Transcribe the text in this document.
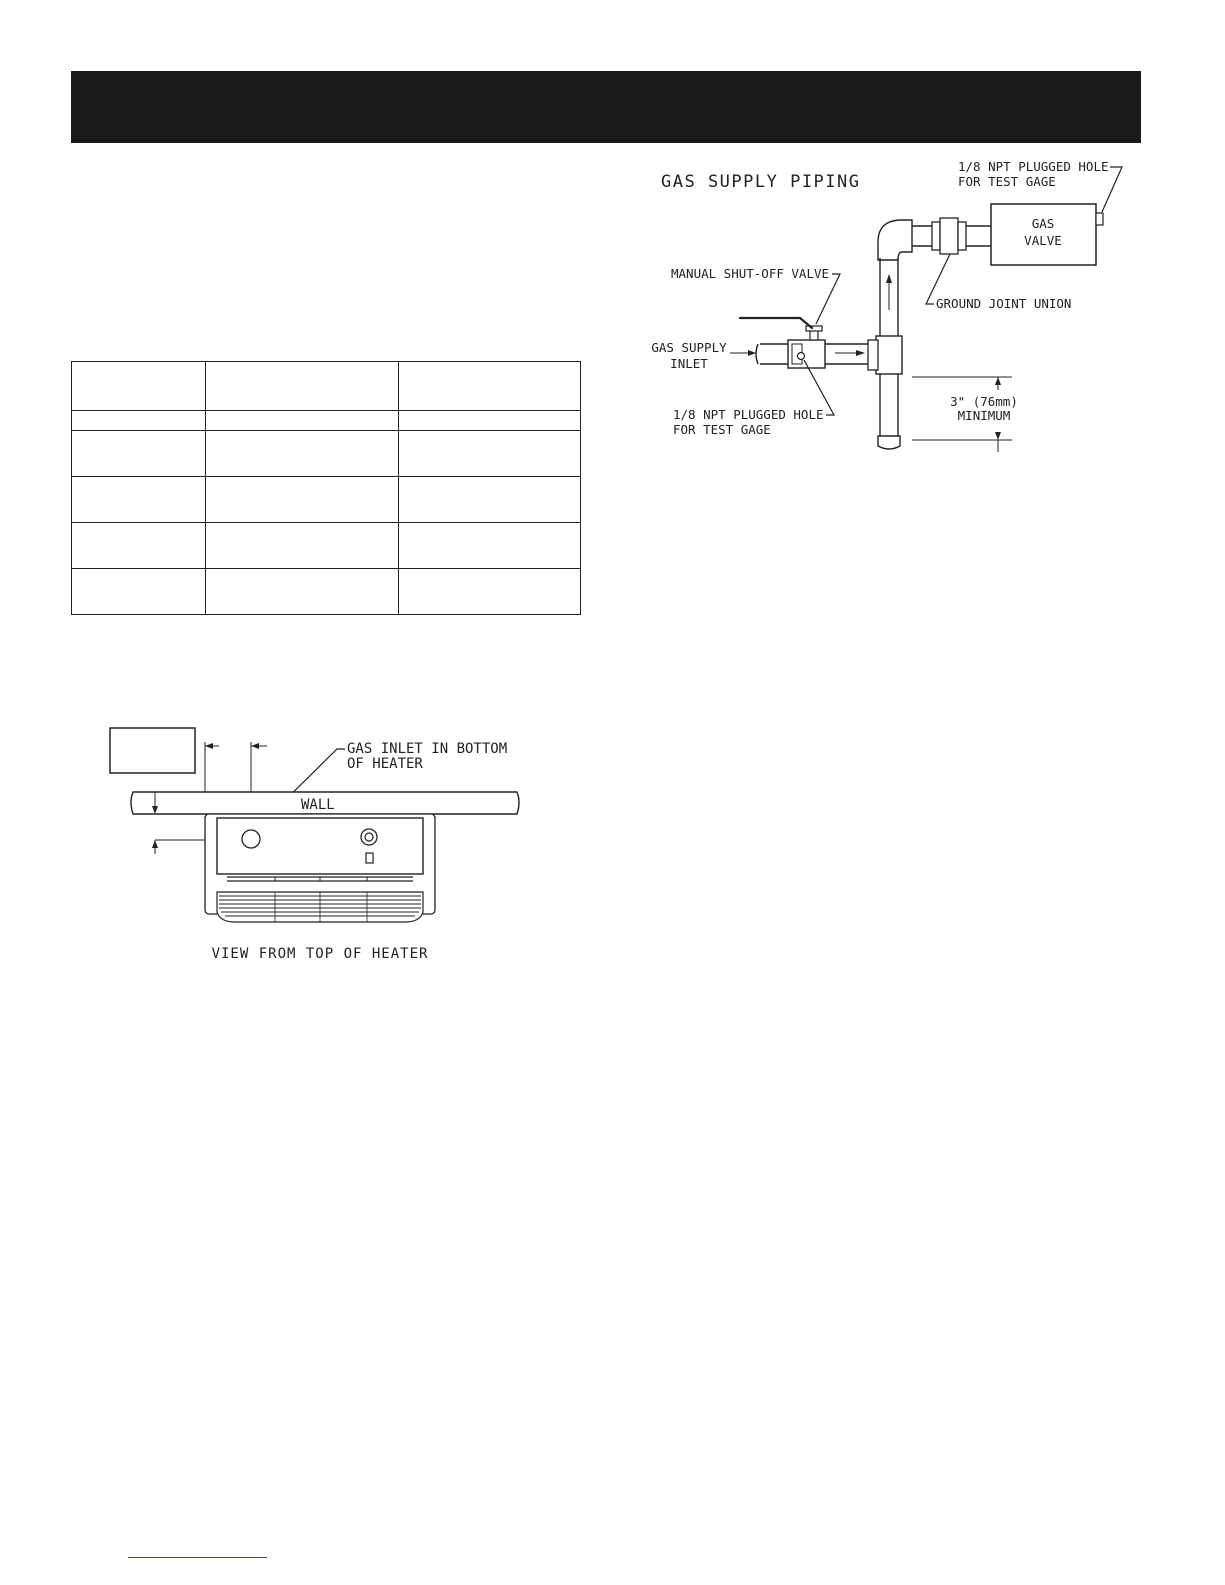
GAS SUPPLY PIPING
1/8 NPT PLUGGED HOLE
FOR TEST GAGE
GAS
VALVE
MANUAL SHUT-OFF VALVE
GROUND JOINT UNION
GAS SUPPLY
INLET
1/8 NPT PLUGGED HOLE
FOR TEST GAGE
3" (76mm)
MINIMUM
GAS INLET IN BOTTOM
OF HEATER
WALL
VIEW FROM TOP OF HEATER
